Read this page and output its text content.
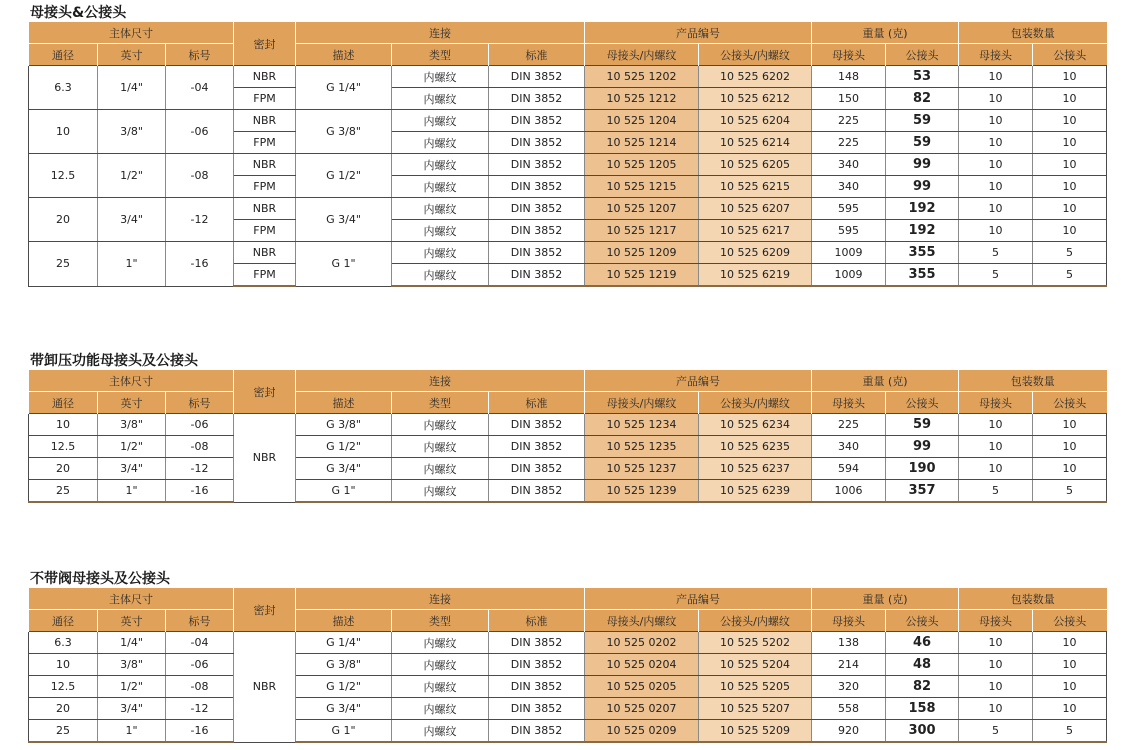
母接头&公接头
主体尺寸			密封	连接			产品编号		重量 (克)		包装数量	
通径	英寸	标号		描述	类型	标准	母接头/内螺纹	公接头/内螺纹	母接头	公接头	母接头	公接头
6.3	1/4"	-04	NBR	G 1/4"	内螺纹	DIN 3852	10 525 1202	10 525 6202	148	53	10	10
			FPM		内螺纹	DIN 3852	10 525 1212	10 525 6212	150	82	10	10
10	3/8"	-06	NBR	G 3/8"	内螺纹	DIN 3852	10 525 1204	10 525 6204	225	59	10	10
			FPM		内螺纹	DIN 3852	10 525 1214	10 525 6214	225	59	10	10
12.5	1/2"	-08	NBR	G 1/2"	内螺纹	DIN 3852	10 525 1205	10 525 6205	340	99	10	10
			FPM		内螺纹	DIN 3852	10 525 1215	10 525 6215	340	99	10	10
20	3/4"	-12	NBR	G 3/4"	内螺纹	DIN 3852	10 525 1207	10 525 6207	595	192	10	10
			FPM		内螺纹	DIN 3852	10 525 1217	10 525 6217	595	192	10	10
25	1"	-16	NBR	G 1"	内螺纹	DIN 3852	10 525 1209	10 525 6209	1009	355	5	5
			FPM		内螺纹	DIN 3852	10 525 1219	10 525 6219	1009	355	5	5
带卸压功能母接头及公接头
主体尺寸			密封	连接			产品编号		重量 (克)		包装数量	
通径	英寸	标号		描述	类型	标准	母接头/内螺纹	公接头/内螺纹	母接头	公接头	母接头	公接头
10	3/8"	-06	NBR	G 3/8"	内螺纹	DIN 3852	10 525 1234	10 525 6234	225	59	10	10
12.5	1/2"	-08		G 1/2"	内螺纹	DIN 3852	10 525 1235	10 525 6235	340	99	10	10
20	3/4"	-12		G 3/4"	内螺纹	DIN 3852	10 525 1237	10 525 6237	594	190	10	10
25	1"	-16		G 1"	内螺纹	DIN 3852	10 525 1239	10 525 6239	1006	357	5	5
不带阀母接头及公接头
主体尺寸			密封	连接			产品编号		重量 (克)		包装数量	
通径	英寸	标号		描述	类型	标准	母接头/内螺纹	公接头/内螺纹	母接头	公接头	母接头	公接头
6.3	1/4"	-04	NBR	G 1/4"	内螺纹	DIN 3852	10 525 0202	10 525 5202	138	46	10	10
10	3/8"	-06		G 3/8"	内螺纹	DIN 3852	10 525 0204	10 525 5204	214	48	10	10
12.5	1/2"	-08		G 1/2"	内螺纹	DIN 3852	10 525 0205	10 525 5205	320	82	10	10
20	3/4"	-12		G 3/4"	内螺纹	DIN 3852	10 525 0207	10 525 5207	558	158	10	10
25	1"	-16		G 1"	内螺纹	DIN 3852	10 525 0209	10 525 5209	920	300	5	5
